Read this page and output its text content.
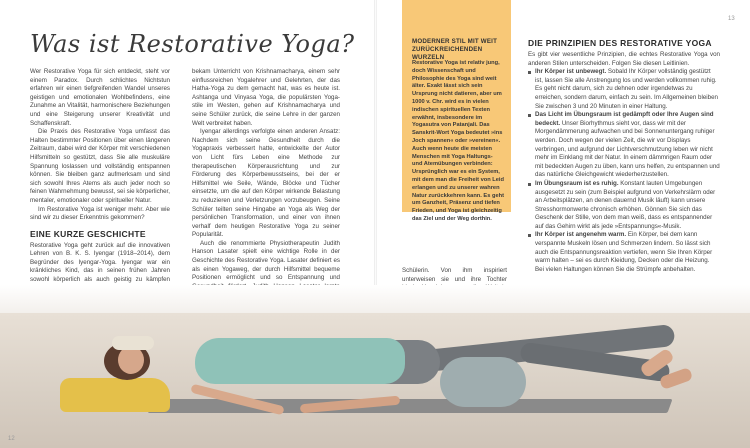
Was ist Restorative Yoga?

Wer Restorative Yoga für sich entdeckt, steht vor einem Paradox. Durch schlichtes Nichtstun erfahren wir einen tiefgreifenden Wandel unseres geistigen und emotionalen Wohlbefindens, eine Zunahme an Vitalität, harmonischere Beziehungen und eine Steigerung unserer Kreativität und Schaffenskraft.

Die Praxis des Restorative Yoga umfasst das Halten bestimmter Positionen über einen längeren Zeitraum, dabei wird der Körper mit verschiedenen Hilfsmitteln so gestützt, dass Sie alle muskuläre Spannung loslassen und vollständig entspannen können. Sie bleiben ganz aufmerksam und sind sich sowohl Ihres Atems als auch jeder noch so feinen Wahrnehmung bewusst, sei sie körperlicher, mentaler, emotionaler oder spiritueller Natur.

Im Restorative Yoga ist weniger mehr. Aber wie sind wir zu dieser Erkenntnis gekommen?

EINE KURZE GESCHICHTE

Restorative Yoga geht zurück auf die innovativen Lehren von B. K. S. Iyengar (1918–2014), dem Begründer des Iyengar-Yoga. Iyengar war ein kränkliches Kind, das in seinen frühen Jahren sowohl körperlich als auch geistig zu kämpfen

bekam Unterricht von Krishnamacharya, einem sehr einflussreichen Yogalehrer und Gelehrten, der das Hatha-Yoga zu dem gemacht hat, was es heute ist. Ashtanga und Vinyasa Yoga, die populärsten Yoga-stile im Westen, gehen auf Krishnamacharya und seine Schüler zurück, die seine Lehre in der ganzen Welt verbreitet haben.

Iyengar allerdings verfolgte einen anderen Ansatz: Nachdem sich seine Gesundheit durch die Yogapraxis verbessert hatte, entwickelte der Autor von Licht fürs Leben eine Methode zur therapeutischen Körperausrichtung und zur Förderung des Körperbewusstseins, bei der er Hilfsmittel wie Seile, Wände, Blöcke und Tücher einsetzte, um die auf den Körper wirkende Belastung zu reduzieren und Verletzungen vorzubeugen. Seine Schüler teilten seine Hingabe an Yoga als Weg der persönlichen Transformation, und einer von ihnen verhalf dem heutigen Restorative Yoga zu seiner Popularität.

Auch die renommierte Physiotherapeutin Judith Hanson Lasater spielt eine wichtige Rolle in der Geschichte des Restorative Yoga. Lasater definiert es als einen Yogaweg, der durch Hilfsmittel bequeme Positionen ermöglicht und so Entspannung und

MODERNER STIL MIT WEIT ZURÜCKREICHENDEN WURZELN
Restorative Yoga ist relativ jung, doch Wissenschaft und Philosophie des Yoga sind weit älter. Exakt lässt sich sein Ursprung nicht datieren, aber um 1000 v. Chr. wird es in vielen indischen spirituellen Texten erwähnt, insbesondere im Yogasutra von Patanjali. Das Sanskrit-Wort Yoga bedeutet »ins Joch spannen« oder »vereinen«. Auch wenn heute die meisten Menschen mit Yoga Haltungs- und Atemübungen verbinden: Ursprünglich war es ein System, mit dem man die Freiheit von Leid erlangen und zu unserer wahren Natur zurückkehren kann. Es geht um Ganzheit, Präsenz und tiefen Frieden, und Yoga ist gleichzeitig das Ziel und der Weg dorthin.

Schülerin. Von ihm inspiriert unterweisen sie und ihre Tochter

DIE PRINZIPIEN DES RESTORATIVE YOGA

Es gibt vier wesentliche Prinzipien, die echtes Restorative Yoga von anderen Stilen unterscheiden. Folgen Sie diesen Leitlinien.

Ihr Körper ist unbewegt. Sobald Ihr Körper vollständig gestützt ist, lassen Sie alle Anstrengung los und werden vollkommen ruhig. Es geht nicht darum, sich zu dehnen oder irgendetwas zu erreichen, sondern darum, einfach zu sein. Im Allgemeinen bleiben Sie zwischen 3 und 20 Minuten in einer Haltung.
Das Licht im Übungsraum ist gedämpft oder Ihre Augen sind bedeckt. Unser Biorhythmus sieht vor, dass wir mit der Morgendämmerung aufwachen und bei Sonnenuntergang ruhiger werden. Doch wegen der vielen Zeit, die wir vor Displays verbringen, und aufgrund der Lichtverschmutzung leben wir nicht mehr im Einklang mit der Natur. In einem dämmrigen Raum oder mit bedeckten Augen zu üben, kann uns helfen, zu entspannen und das natürliche Gleichgewicht wiederherzustellen.
Im Übungsraum ist es ruhig. Konstant lauten Umgebungen ausgesetzt zu sein (zum Beispiel aufgrund von Verkehrslärm oder an Arbeitsplätzen, an denen dauernd Musik läuft) kann unsere Stresshormonwerte chronisch erhöhen. Gönnen Sie sich das Geschenk der Stille, von dem man weiß, dass es entspannender auf das Gehirn wirkt als jede »Entspannungs«-Musik.
Ihr Körper ist angenehm warm. Ein Körper, bei dem kann verspannte Muskeln lösen und Schmerzen lindern. So lässt sich auch die Entspannungsreaktion vertiefen, wenn Sie Ihren Körper warm halten – sei es durch Kleidung, Decken oder die Heizung. Bei vielen Haltungen können Sie die Strümpfe anbehalten.
13
12
